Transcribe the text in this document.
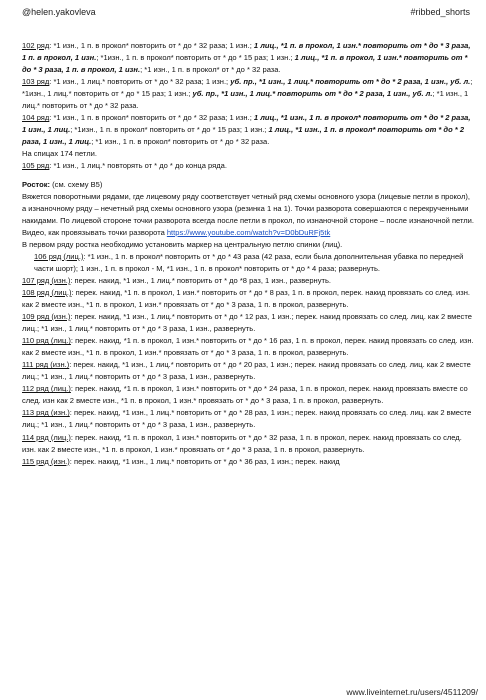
@helen.yakovleva	#ribbed_shorts

102 ряд: *1 изн., 1 п. в прокол* повторить от * до * 32 раза; 1 изн.; 1 лиц., *1 п. в прокол, 1 изн.* повторить от * до * 3 раза, 1 п. в прокол, 1 изн.; *1изн., 1 п. в прокол* повторить от * до * 15 раз; 1 изн.; 1 лиц., *1 п. в прокол, 1 изн.* повторить от * до * 3 раза, 1 п. в прокол, 1 изн.; *1 изн., 1 п. в прокол* от * до * 32 раза.

103 ряд: *1 изн., 1 лиц.* повторить от * до * 32 раза; 1 изн.; уб. пр., *1 изн., 1 лиц.* повторить от * до * 2 раза, 1 изн., уб. л.; *1изн., 1 лиц.* повторить от * до * 15 раз; 1 изн.; уб. пр., *1 изн., 1 лиц.* повторить от * до * 2 раза, 1 изн., уб. л.; *1 изн., 1 лиц.* повторить от * до * 32 раза.

104 ряд: *1 изн., 1 п. в прокол* повторить от * до * 32 раза; 1 изн.; 1 лиц., *1 изн., 1 п. в прокол* повторить от * до * 2 раза, 1 изн., 1 лиц.; *1изн., 1 п. в прокол* повторить от * до * 15 раз; 1 изн.; 1 лиц., *1 изн., 1 п. в прокол* повторить от * до * 2 раза, 1 изн., 1 лиц.; *1 изн., 1 п. в прокол* повторить от * до * 32 раза.

На спицах 174 петли.

105 ряд: *1 изн., 1 лиц.* повторять от * до * до конца ряда.

Росток: (см. схему B5)

Вяжется поворотными рядами, где лицевому ряду соответствует четный ряд схемы основного узора (лицевые петли в прокол), а изнаночному ряду – нечетный ряд схемы основного узора (резинка 1 на 1). Точки разворота совершаются с перекрученными накидами. По лицевой стороне точки разворота всегда после петли в прокол, по изнаночной стороне – после изнаночной петли. Видео, как провязывать точки разворота https://www.youtube.com/watch?v=D0bDuRFj5tk

В первом ряду ростка необходимо установить маркер на центральную петлю спинки (лиц).

106 ряд (лиц.): *1 изн., 1 п. в прокол* повторить от * до * 43 раза (42 раза, если была дополнительная убавка по передней части шорт); 1 изн., 1 п. в прокол - М, *1 изн., 1 п. в прокол* повторить от * до * 4 раза; развернуть.

107 ряд (изн.): перек. накид, *1 изн., 1 лиц.* повторить от * до *8 раз, 1 изн., развернуть.

108 ряд (лиц.): перек. накид, *1 п. в прокол, 1 изн.* повторить от * до * 8 раз, 1 п. в прокол, перек. накид провязать со след. изн. как 2 вместе изн., *1 п. в прокол, 1 изн.* провязать от * до * 3 раза, 1 п. в прокол, развернуть.

109 ряд (изн.): перек. накид, *1 изн., 1 лиц.* повторить от * до * 12 раз, 1 изн.; перек. накид провязать со след. лиц. как 2 вместе лиц.; *1 изн., 1 лиц.* повторить от * до * 3 раза, 1 изн., развернуть.

110 ряд (лиц.): перек. накид, *1 п. в прокол, 1 изн.* повторить от * до * 16 раз, 1 п. в прокол, перек. накид провязать со след. изн. как 2 вместе изн., *1 п. в прокол, 1 изн.* провязать от * до * 3 раза, 1 п. в прокол, развернуть.

111 ряд (изн.): перек. накид, *1 изн., 1 лиц.* повторить от * до * 20 раз, 1 изн.; перек. накид провязать со след. лиц. как 2 вместе лиц.; *1 изн., 1 лиц.* повторить от * до * 3 раза, 1 изн., развернуть.

112 ряд (лиц.): перек. накид, *1 п. в прокол, 1 изн.* повторить от * до * 24 раза, 1 п. в прокол, перек. накид провязать вместе со след. изн как 2 вместе изн., *1 п. в прокол, 1 изн.* провязать от * до * 3 раза, 1 п. в прокол, развернуть.

113 ряд (изн.): перек. накид, *1 изн., 1 лиц.* повторить от * до * 28 раз, 1 изн.; перек. накид провязать со след. лиц. как 2 вместе лиц.; *1 изн., 1 лиц.* повторить от * до * 3 раза, 1 изн., развернуть.

114 ряд (лиц.): перек. накид, *1 п. в прокол, 1 изн.* повторить от * до * 32 раза, 1 п. в прокол, перек. накид провязать со след. изн. как 2 вместе изн., *1 п. в прокол, 1 изн.* провязать от * до * 3 раза, 1 п. в прокол, развернуть.

115 ряд (изн.): перек. накид, *1 изн., 1 лиц.* повторить от * до * 36 раз, 1 изн.; перек. накид

www.liveinternet.ru/users/4511209/
